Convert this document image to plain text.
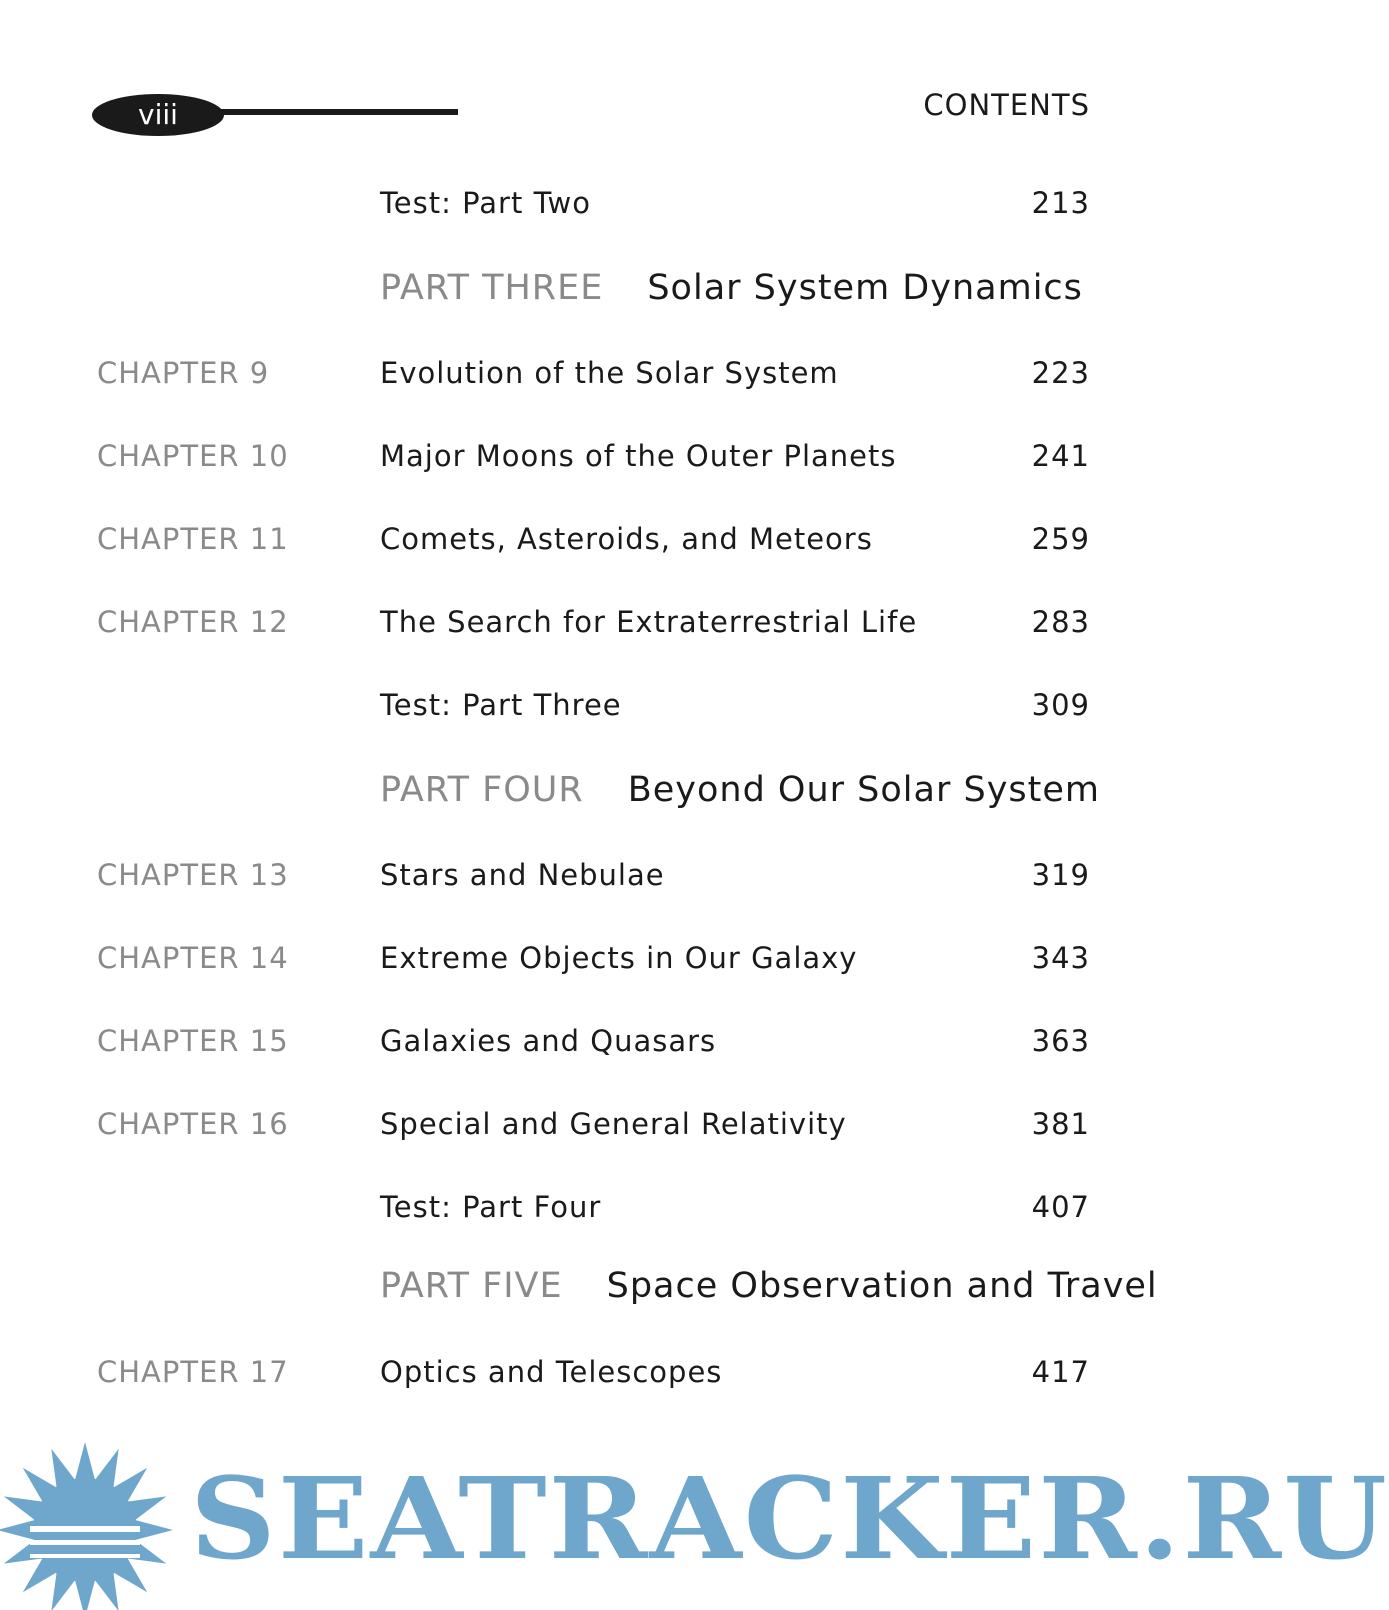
viii	CONTENTS
Test: Part Two	213
PART THREE Solar System Dynamics
CHAPTER 9	Evolution of the Solar System	223
CHAPTER 10	Major Moons of the Outer Planets	241
CHAPTER 11	Comets, Asteroids, and Meteors	259
CHAPTER 12	The Search for Extraterrestrial Life	283
Test: Part Three	309
PART FOUR Beyond Our Solar System
CHAPTER 13	Stars and Nebulae	319
CHAPTER 14	Extreme Objects in Our Galaxy	343
CHAPTER 15	Galaxies and Quasars	363
CHAPTER 16	Special and General Relativity	381
Test: Part Four	407
PART FIVE Space Observation and Travel
CHAPTER 17	Optics and Telescopes	417
SEATRACKER.RU
